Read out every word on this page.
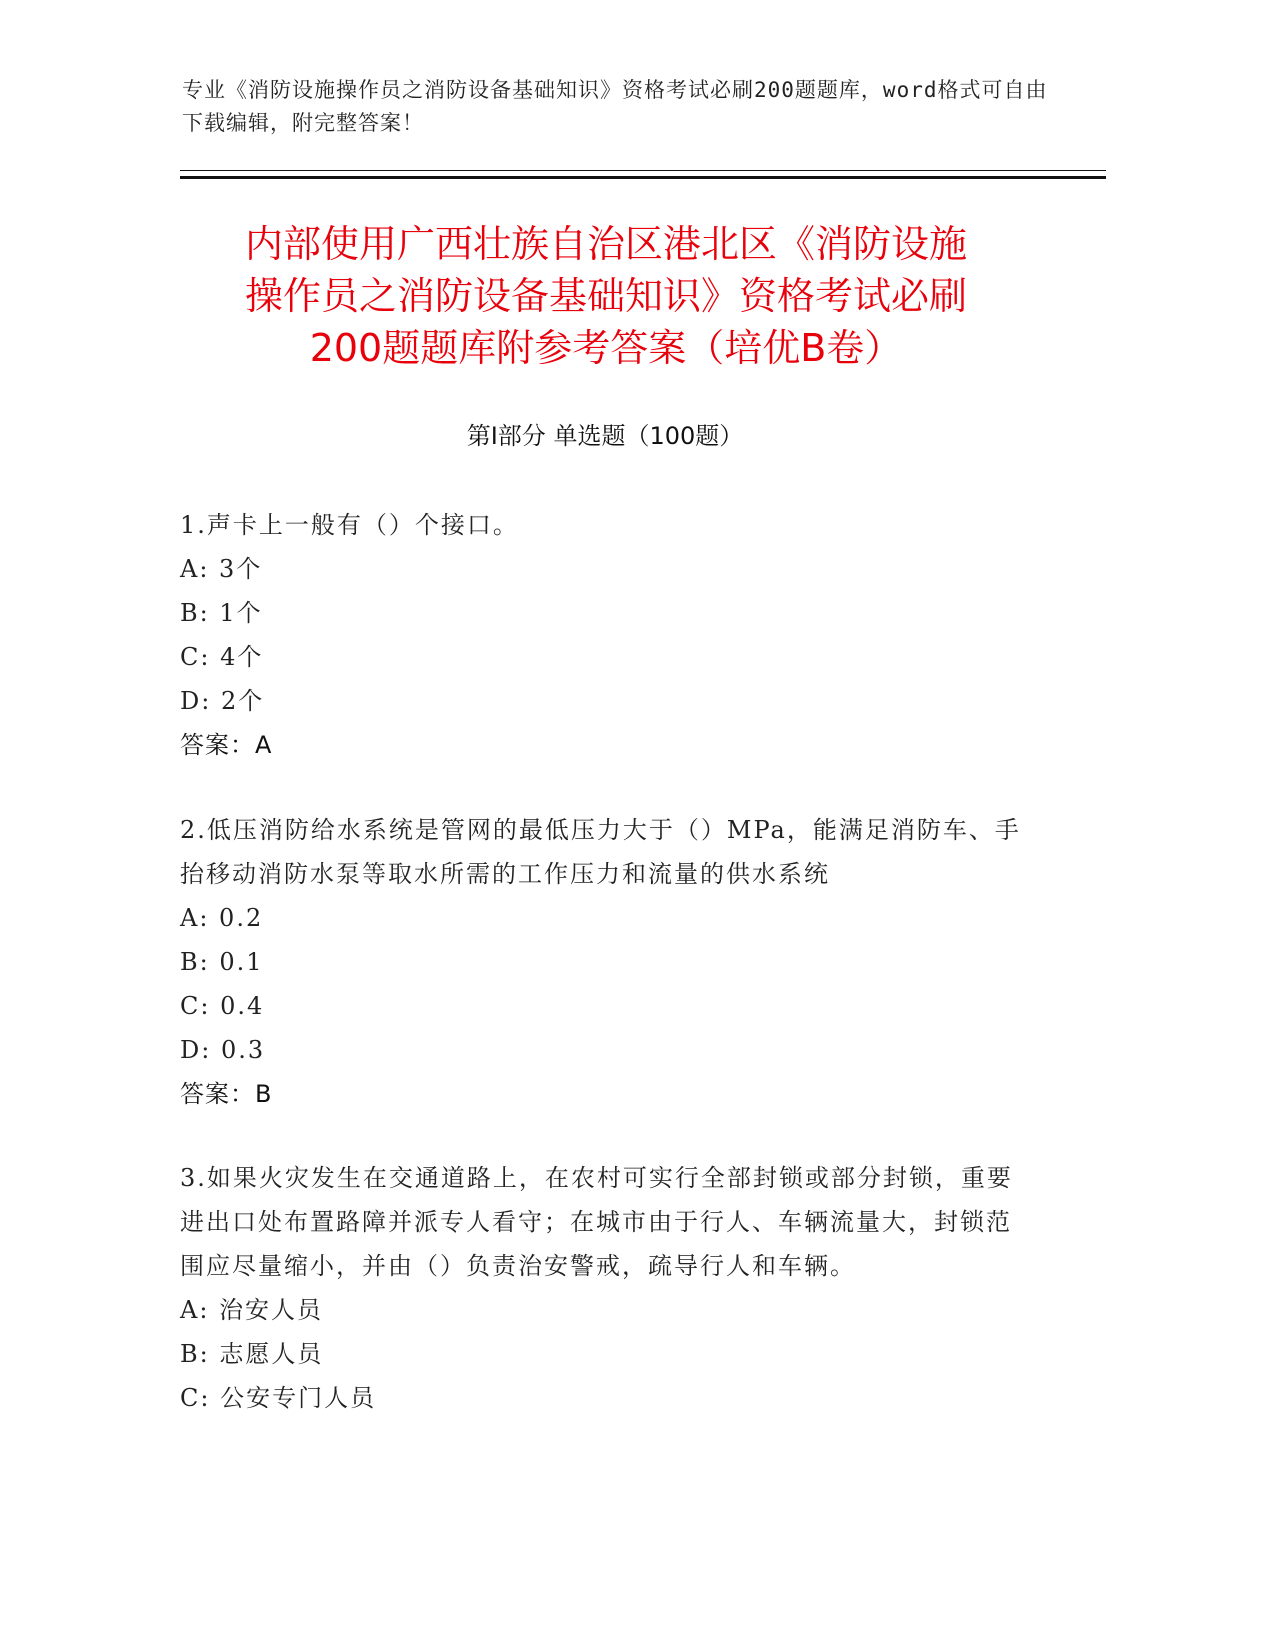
专业《消防设施操作员之消防设备基础知识》资格考试必刷200题题库，word格式可自由下载编辑，附完整答案！
内部使用广西壮族自治区港北区《消防设施
操作员之消防设备基础知识》资格考试必刷
200题题库附参考答案（培优B卷）
第Ⅰ部分 单选题（100题）
1.声卡上一般有（）个接口。
A: 3个
B: 1个
C: 4个
D: 2个
答案：A
2.低压消防给水系统是管网的最低压力大于（）MPa，能满足消防车、手抬移动消防水泵等取水所需的工作压力和流量的供水系统
A: 0.2
B: 0.1
C: 0.4
D: 0.3
答案：B
3.如果火灾发生在交通道路上，在农村可实行全部封锁或部分封锁，重要进出口处布置路障并派专人看守；在城市由于行人、车辆流量大，封锁范围应尽量缩小，并由（）负责治安警戒，疏导行人和车辆。
A: 治安人员
B: 志愿人员
C: 公安专门人员
